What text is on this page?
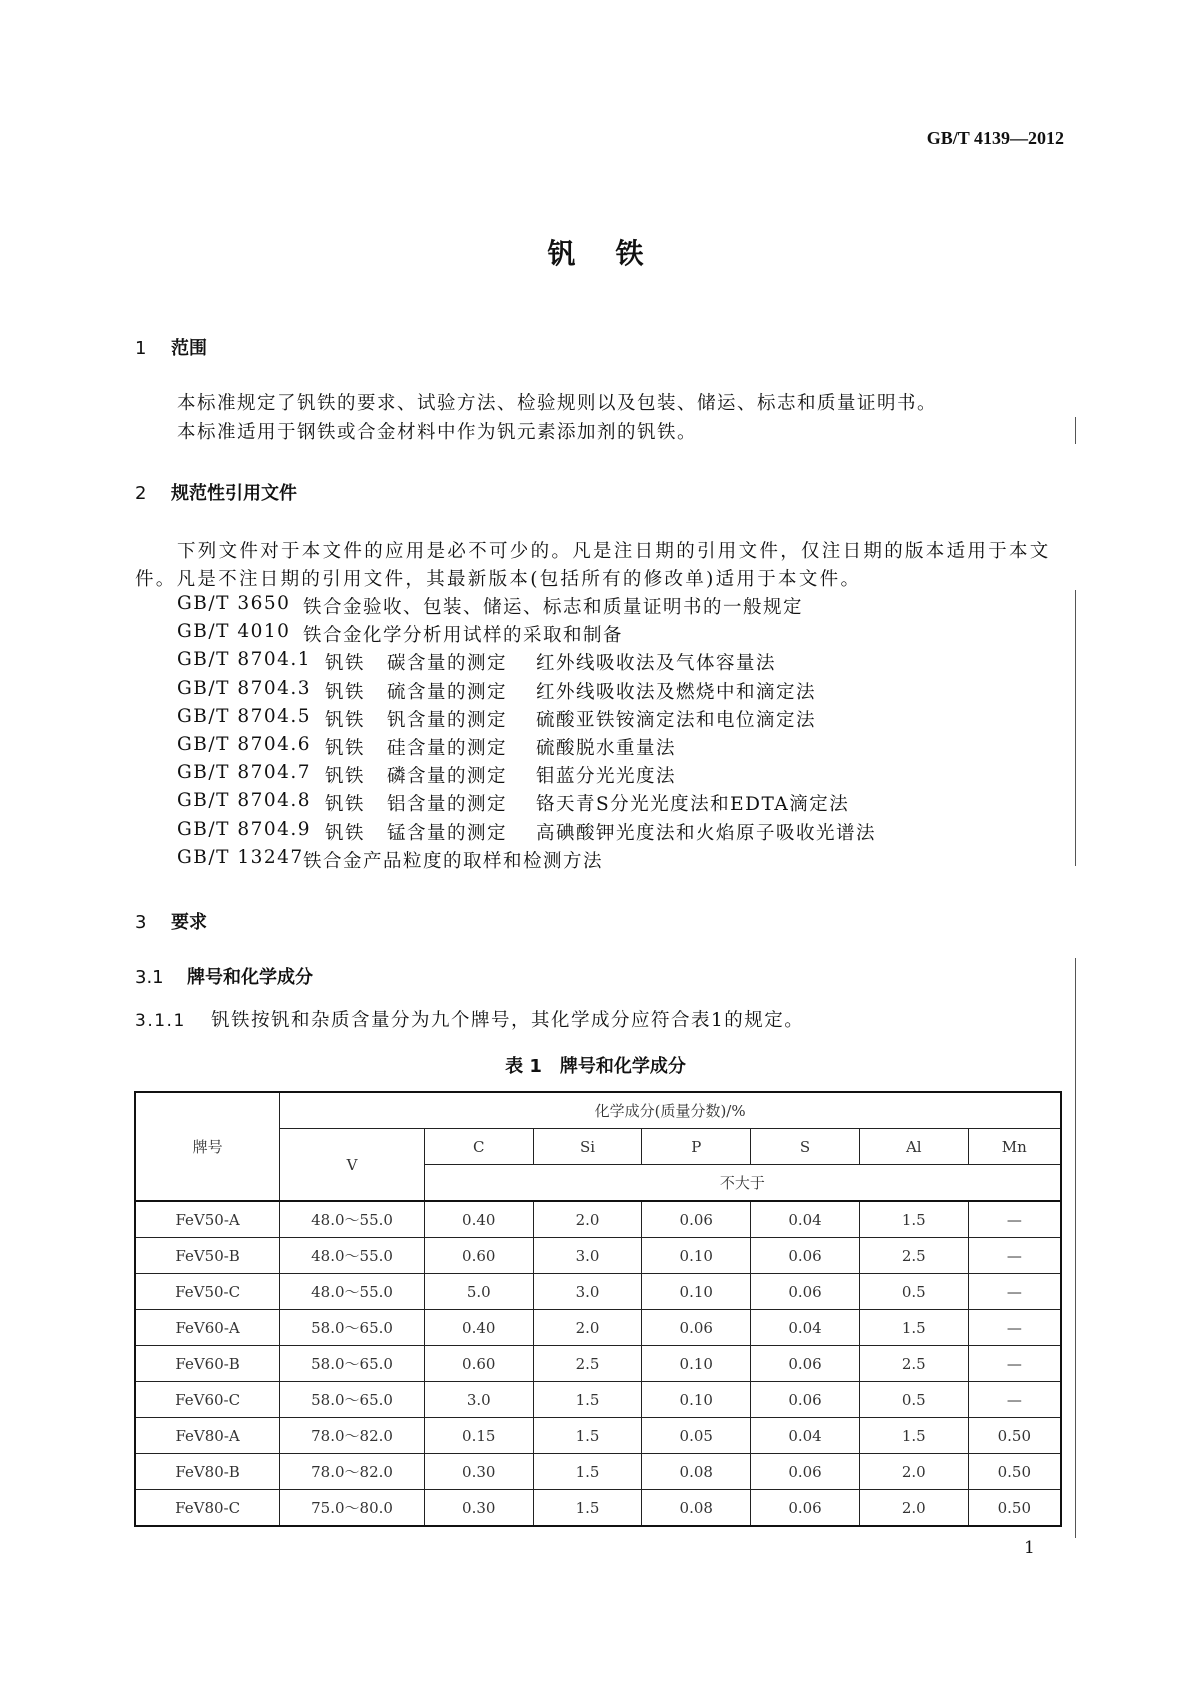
GB/T 4139—2012
钒铁
1 范围
本标准规定了钒铁的要求、试验方法、检验规则以及包装、储运、标志和质量证明书。
本标准适用于钢铁或合金材料中作为钒元素添加剂的钒铁。
2 规范性引用文件
下列文件对于本文件的应用是必不可少的。凡是注日期的引用文件，仅注日期的版本适用于本文
件。凡是不注日期的引用文件，其最新版本(包括所有的修改单)适用于本文件。
GB/T 3650 铁合金验收、包装、储运、标志和质量证明书的一般规定
GB/T 4010 铁合金化学分析用试样的采取和制备
GB/T 8704.1 钒铁 碳含量的测定 红外线吸收法及气体容量法
GB/T 8704.3 钒铁 硫含量的测定 红外线吸收法及燃烧中和滴定法
GB/T 8704.5 钒铁 钒含量的测定 硫酸亚铁铵滴定法和电位滴定法
GB/T 8704.6 钒铁 硅含量的测定 硫酸脱水重量法
GB/T 8704.7 钒铁 磷含量的测定 钼蓝分光光度法
GB/T 8704.8 钒铁 铝含量的测定 铬天青S分光光度法和EDTA滴定法
GB/T 8704.9 钒铁 锰含量的测定 高碘酸钾光度法和火焰原子吸收光谱法
GB/T 13247 铁合金产品粒度的取样和检测方法
3 要求
3.1 牌号和化学成分
3.1.1 钒铁按钒和杂质含量分为九个牌号，其化学成分应符合表1的规定。
表 1　牌号和化学成分
牌号	化学成分(质量分数)/%						
	V	C	Si	P	S	Al	Mn
		不大于					
FeV50-A	48.0～55.0	0.40	2.0	0.06	0.04	1.5	—
FeV50-B	48.0～55.0	0.60	3.0	0.10	0.06	2.5	—
FeV50-C	48.0～55.0	5.0	3.0	0.10	0.06	0.5	—
FeV60-A	58.0～65.0	0.40	2.0	0.06	0.04	1.5	—
FeV60-B	58.0～65.0	0.60	2.5	0.10	0.06	2.5	—
FeV60-C	58.0～65.0	3.0	1.5	0.10	0.06	0.5	—
FeV80-A	78.0～82.0	0.15	1.5	0.05	0.04	1.5	0.50
FeV80-B	78.0～82.0	0.30	1.5	0.08	0.06	2.0	0.50
FeV80-C	75.0～80.0	0.30	1.5	0.08	0.06	2.0	0.50
1
